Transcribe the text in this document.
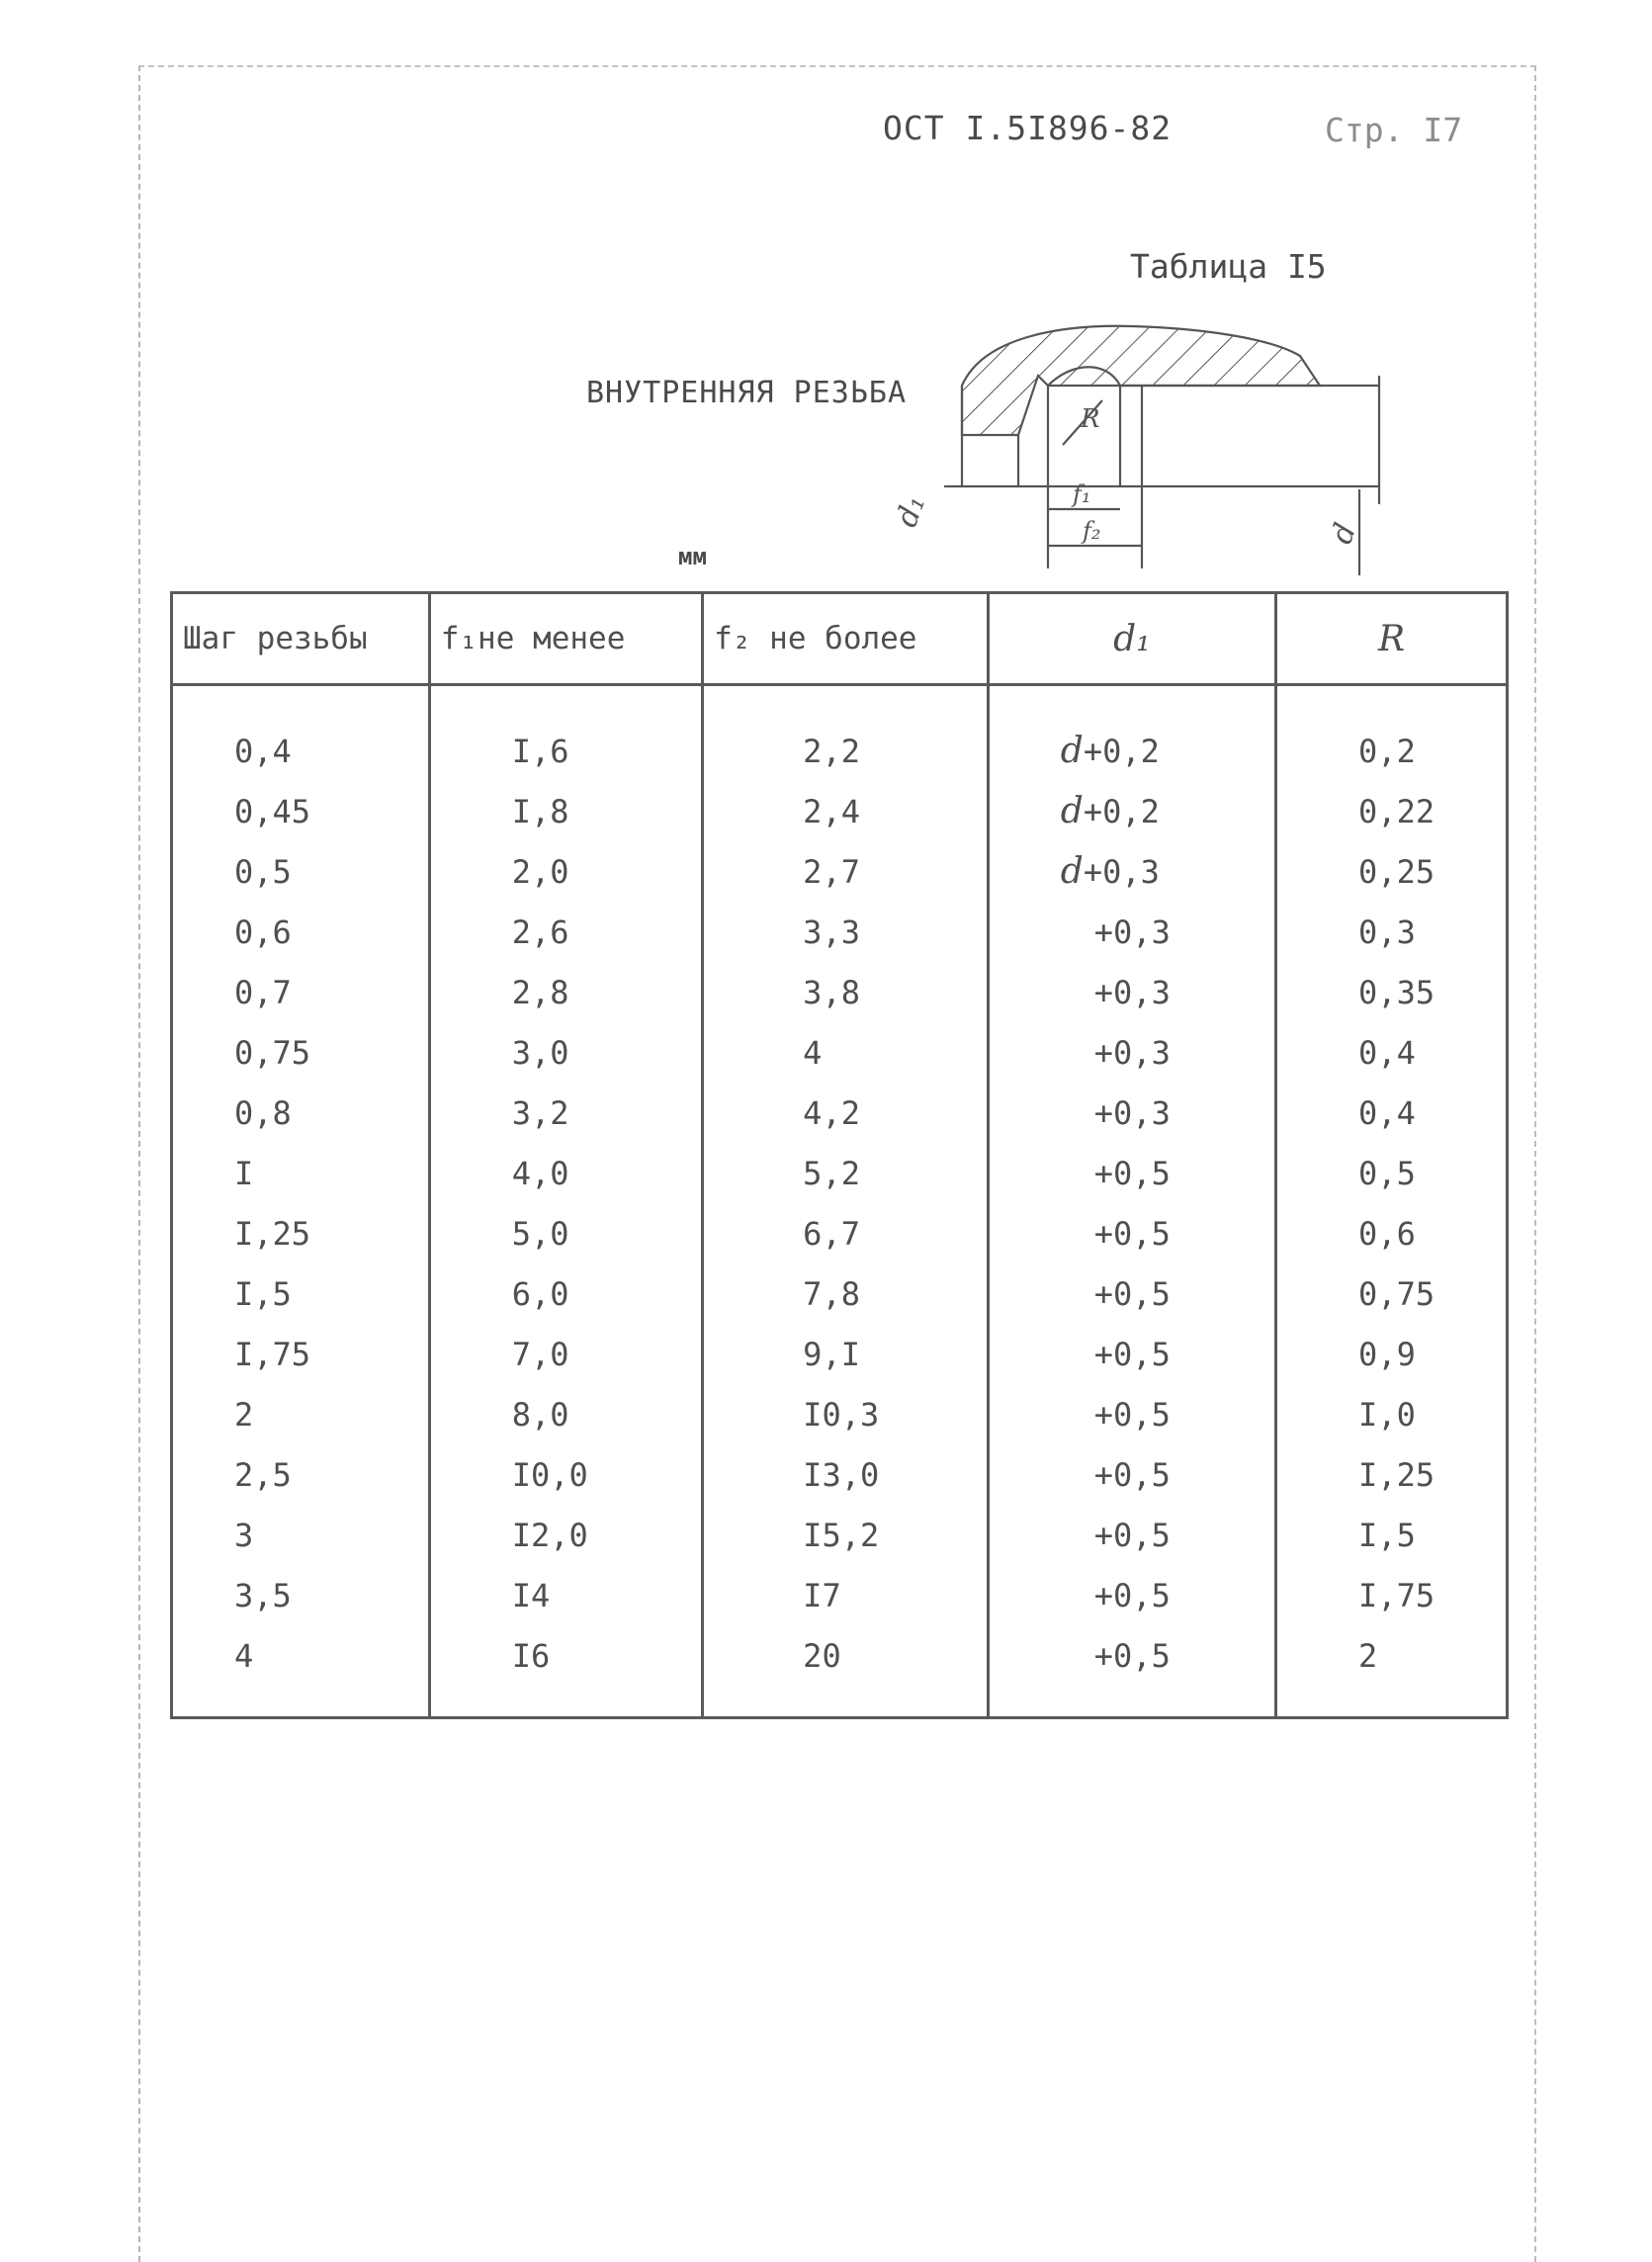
ОСТ I.5I896-82	Стр. I7
Таблица I5
ВНУТРЕННЯЯ РЕЗЬБА
мм
R
f₁
f₂
d₁
d
Шаг резьбы	f₁не менее	f₂ не более	d₁	R
0,4	I,6	2,2	d+0,2	0,2
0,45	I,8	2,4	d+0,2	0,22
0,5	2,0	2,7	d+0,3	0,25
0,6	2,6	3,3	+0,3	0,3
0,7	2,8	3,8	+0,3	0,35
0,75	3,0	4	+0,3	0,4
0,8	3,2	4,2	+0,3	0,4
I	4,0	5,2	+0,5	0,5
I,25	5,0	6,7	+0,5	0,6
I,5	6,0	7,8	+0,5	0,75
I,75	7,0	9,I	+0,5	0,9
2	8,0	I0,3	+0,5	I,0
2,5	I0,0	I3,0	+0,5	I,25
3	I2,0	I5,2	+0,5	I,5
3,5	I4	I7	+0,5	I,75
4	I6	20	+0,5	2
